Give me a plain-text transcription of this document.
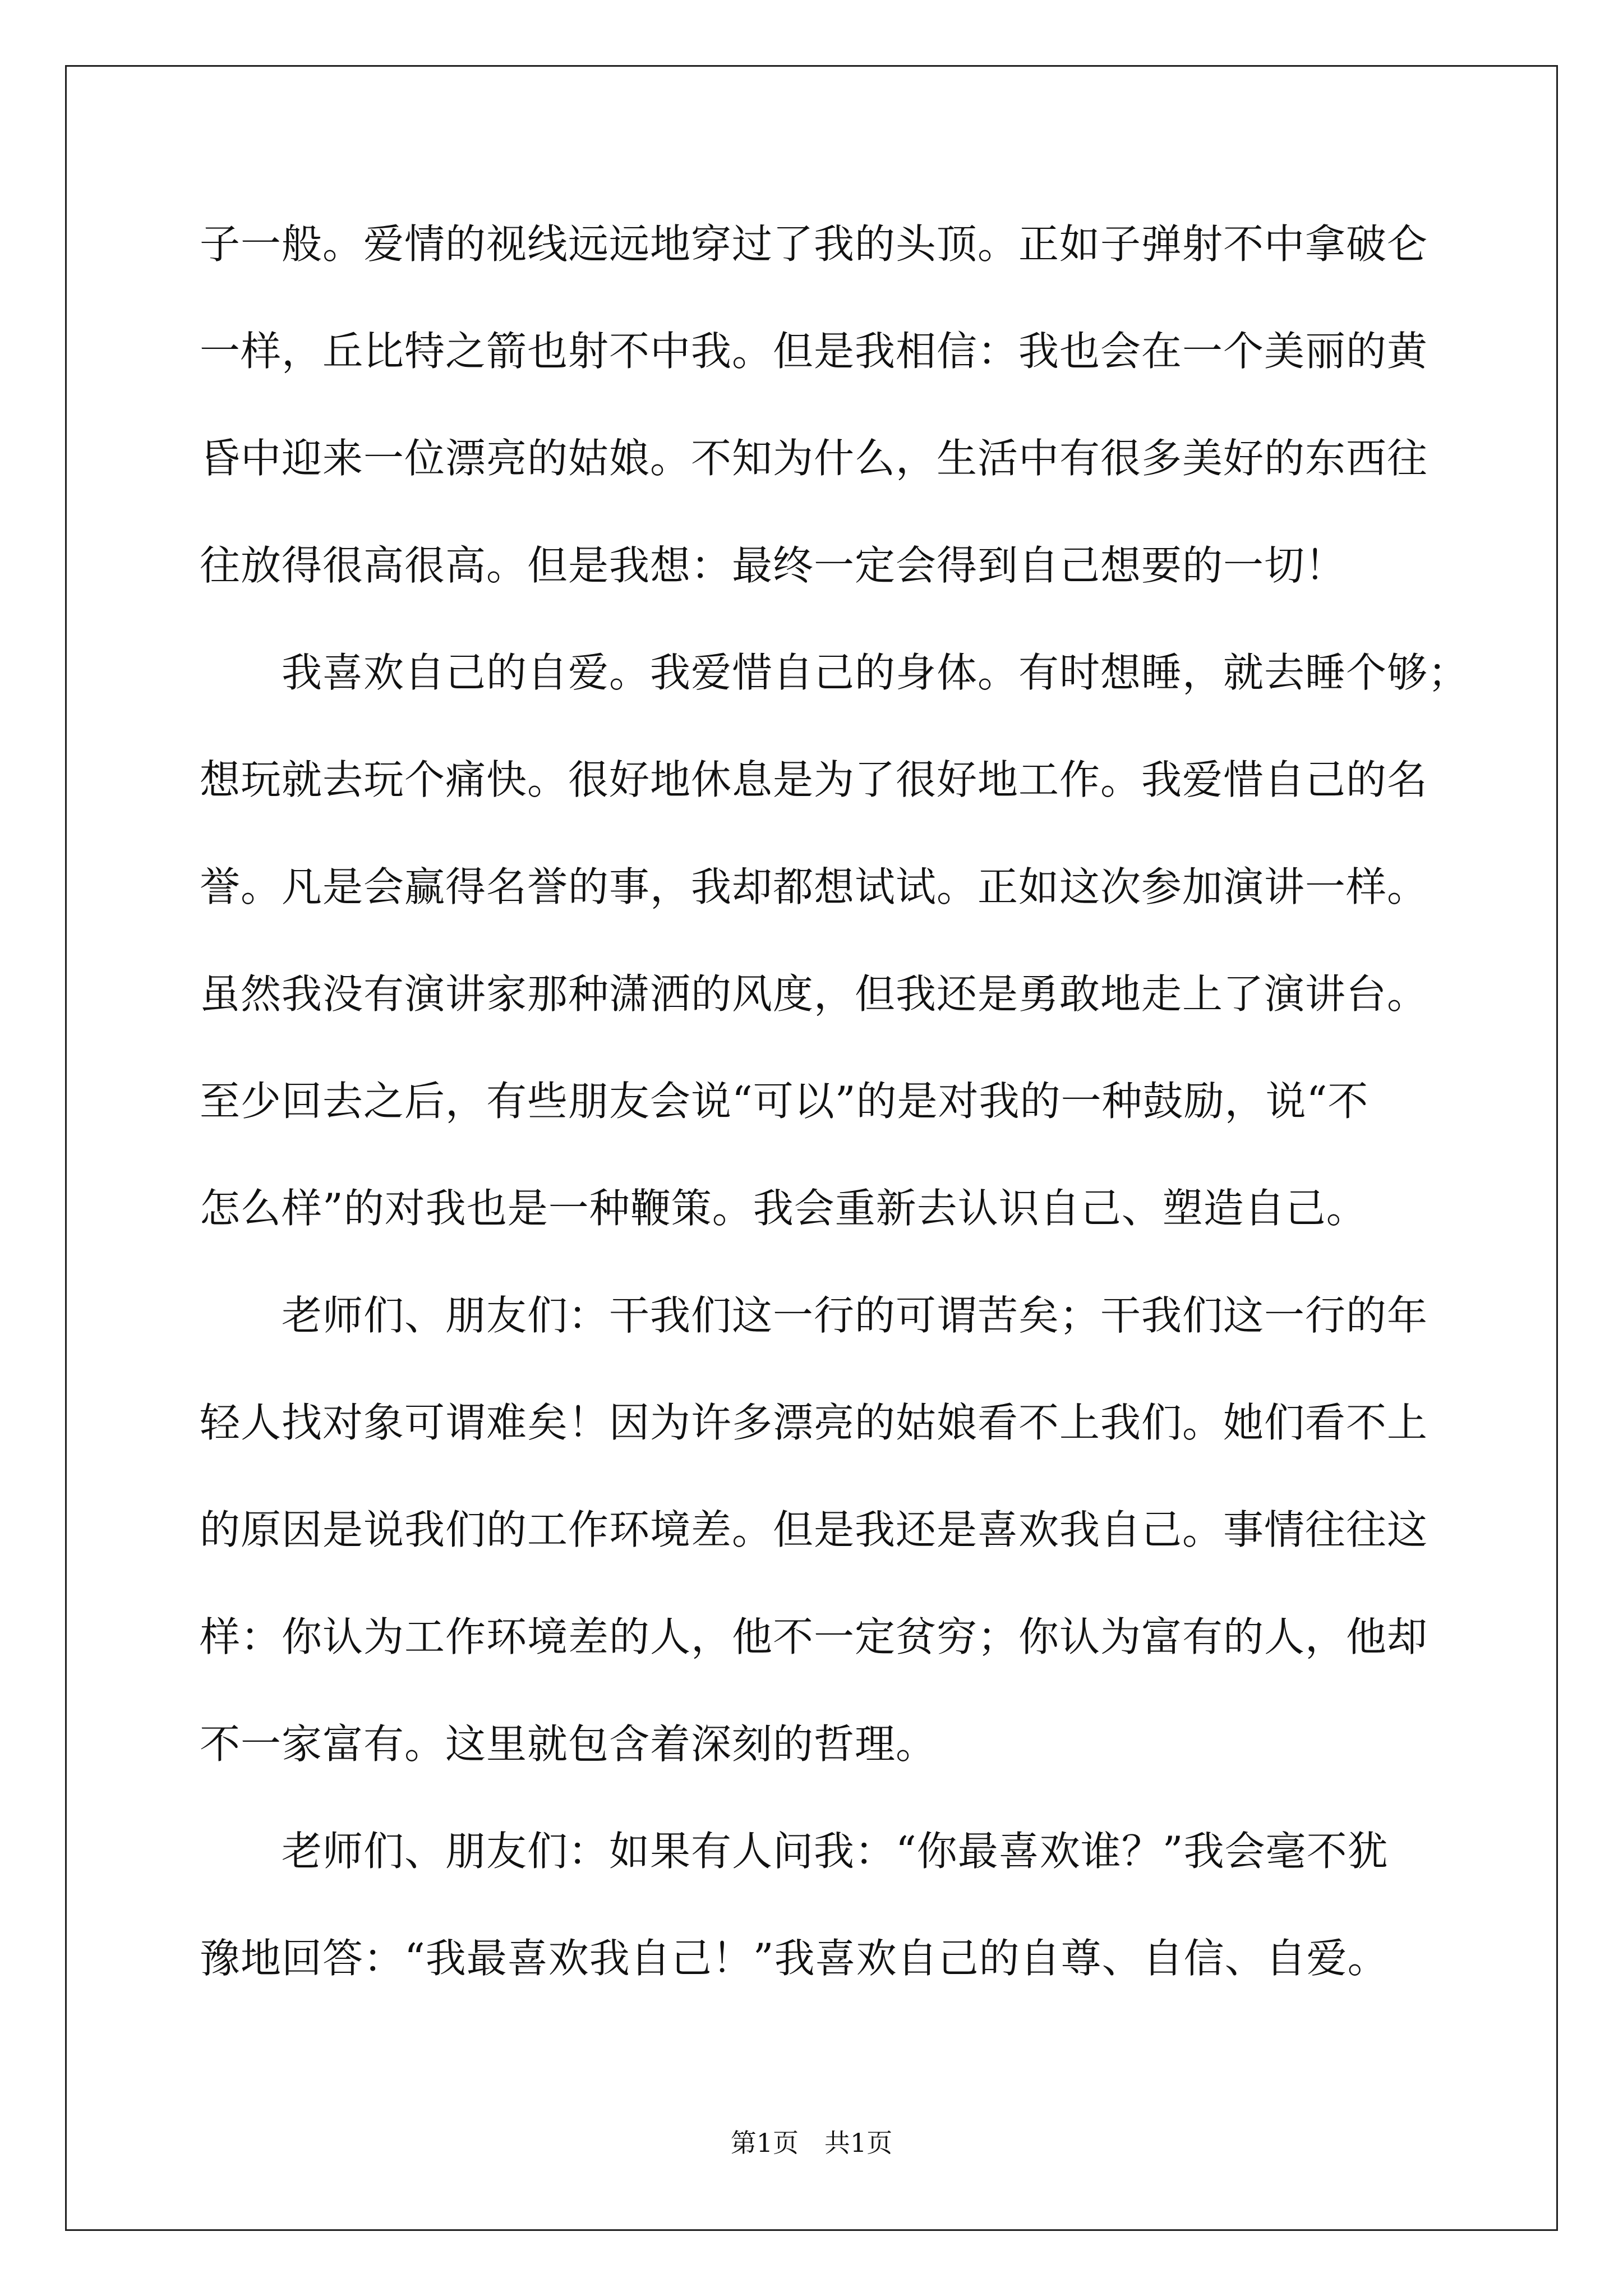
子一般。爱情的视线远远地穿过了我的头顶。正如子弹射不中拿破仑
一样，丘比特之箭也射不中我。但是我相信：我也会在一个美丽的黄
昏中迎来一位漂亮的姑娘。不知为什么，生活中有很多美好的东西往
往放得很高很高。但是我想：最终一定会得到自己想要的一切！
　　我喜欢自己的自爱。我爱惜自己的身体。有时想睡，就去睡个够；
想玩就去玩个痛快。很好地休息是为了很好地工作。我爱惜自己的名
誉。凡是会赢得名誉的事，我却都想试试。正如这次参加演讲一样。
虽然我没有演讲家那种潇洒的风度，但我还是勇敢地走上了演讲台。
至少回去之后，有些朋友会说“可以”的是对我的一种鼓励，说“不
怎么样”的对我也是一种鞭策。我会重新去认识自己、塑造自己。
　　老师们、朋友们：干我们这一行的可谓苦矣；干我们这一行的年
轻人找对象可谓难矣！因为许多漂亮的姑娘看不上我们。她们看不上
的原因是说我们的工作环境差。但是我还是喜欢我自己。事情往往这
样：你认为工作环境差的人，他不一定贫穷；你认为富有的人，他却
不一家富有。这里就包含着深刻的哲理。
　　老师们、朋友们：如果有人问我：“你最喜欢谁？”我会毫不犹
豫地回答：“我最喜欢我自己！”我喜欢自己的自尊、自信、自爱。
第1页　共1页
